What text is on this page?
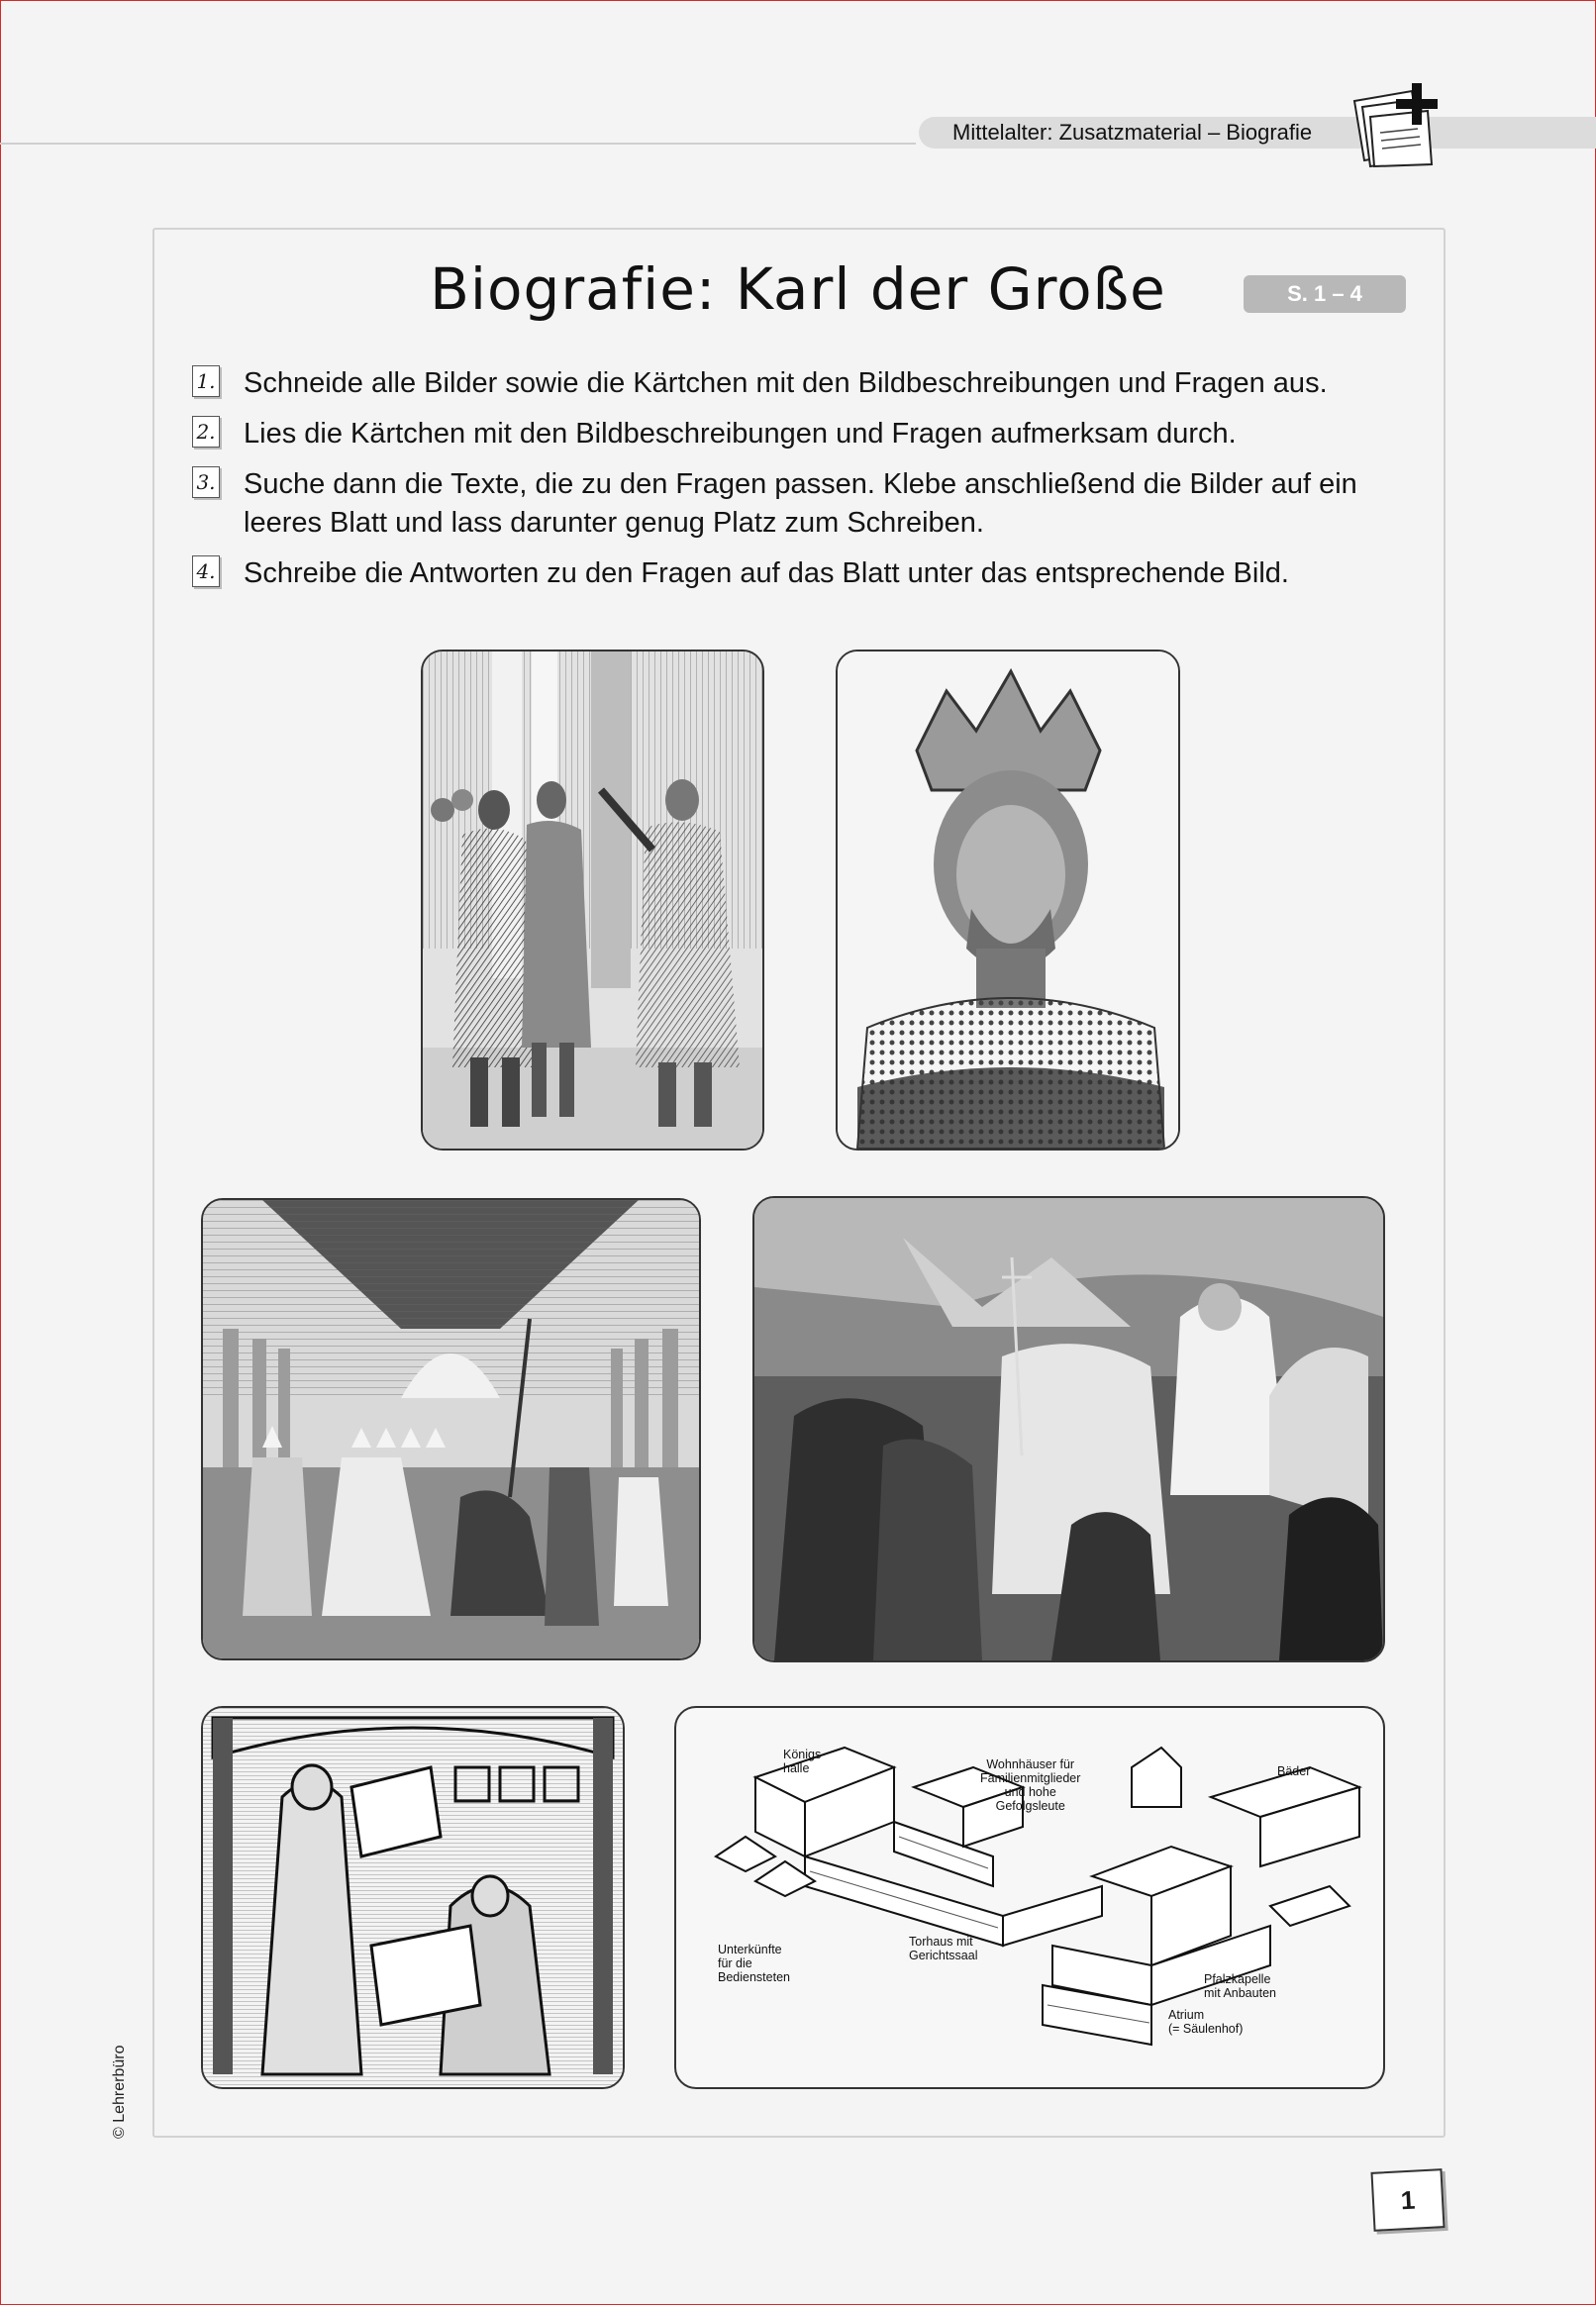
Mittelalter: Zusatzmaterial – Biografie
Biografie: Karl der Große	S. 1 – 4
1. Schneide alle Bilder sowie die Kärtchen mit den Bildbeschreibungen und Fragen aus.
2. Lies die Kärtchen mit den Bildbeschreibungen und Fragen aufmerksam durch.
3. Suche dann die Texte, die zu den Fragen passen. Klebe anschließend die Bilder auf ein leeres Blatt und lass darunter genug Platz zum Schreiben.
4. Schreibe die Antworten zu den Fragen auf das Blatt unter das entsprechende Bild.
Königs-
halle	Wohnhäuser für
Familienmitglieder
und hohe
Gefolgsleute
Bäder
Unterkünfte
für die
Bediensteten
Torhaus mit
Gerichtssaal
Pfalzkapelle
mit Anbauten
Atrium
(= Säulenhof)
© Lehrerbüro
1
